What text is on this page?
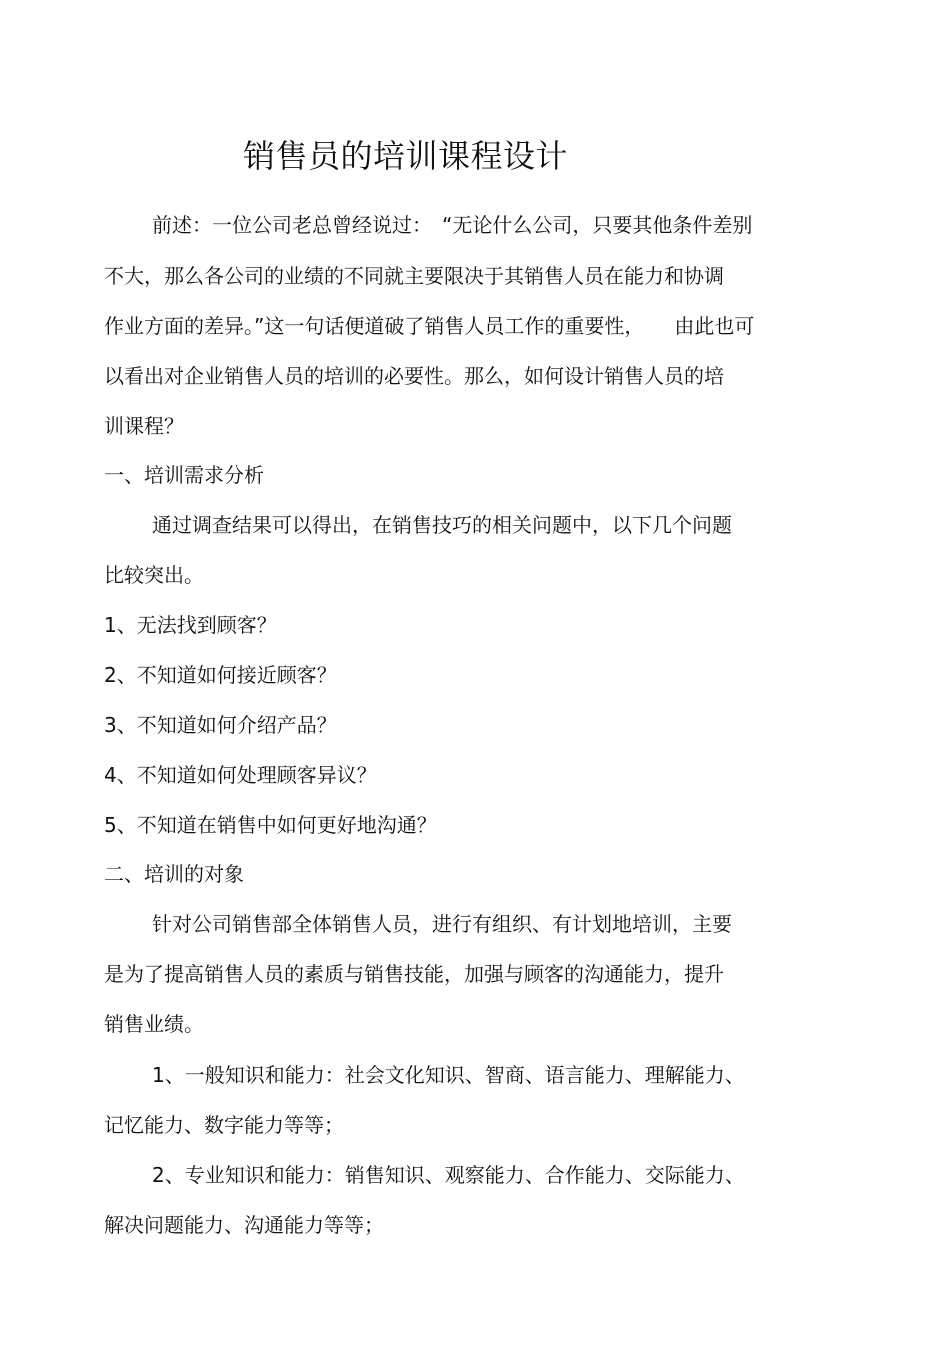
销售员的培训课程设计
前述：一位公司老总曾经说过：　“无论什么公司，只要其他条件差别
不大，那么各公司的业绩的不同就主要限决于其销售人员在能力和协调
作业方面的差异。”这一句话便道破了销售人员工作的重要性，　　由此也可
以看出对企业销售人员的培训的必要性。那么，如何设计销售人员的培
训课程？
一、培训需求分析
通过调查结果可以得出，在销售技巧的相关问题中，以下几个问题
比较突出。
1、无法找到顾客？
2、不知道如何接近顾客？
3、不知道如何介绍产品？
4、不知道如何处理顾客异议？
5、不知道在销售中如何更好地沟通？
二、培训的对象
针对公司销售部全体销售人员，进行有组织、有计划地培训，主要
是为了提高销售人员的素质与销售技能，加强与顾客的沟通能力，提升
销售业绩。
1、一般知识和能力：社会文化知识、智商、语言能力、理解能力、
记忆能力、数字能力等等；
2、专业知识和能力：销售知识、观察能力、合作能力、交际能力、
解决问题能力、沟通能力等等；
